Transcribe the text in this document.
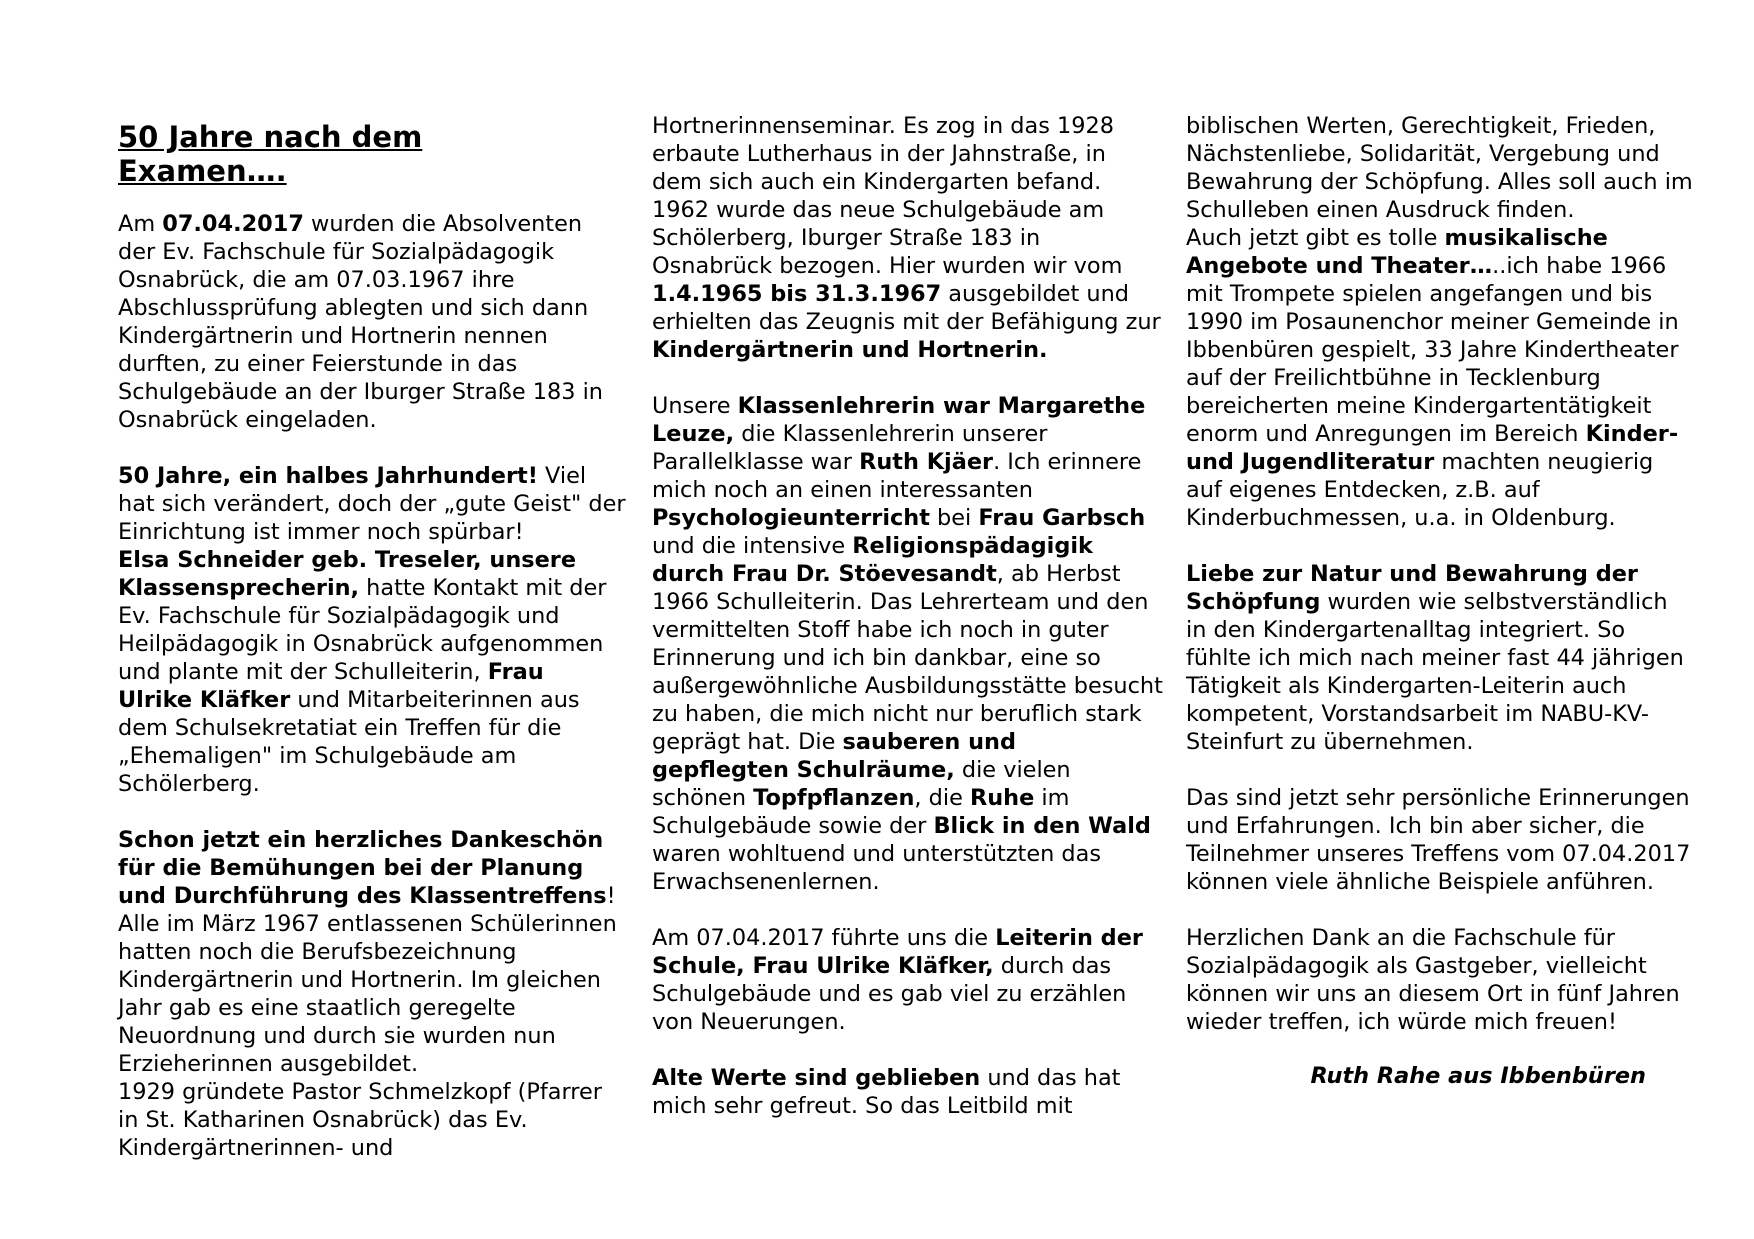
50 Jahre nach dem Examen….

Am 07.04.2017 wurden die Absolventen
der Ev. Fachschule für Sozialpädagogik
Osnabrück, die am 07.03.1967 ihre
Abschlussprüfung ablegten und sich dann
Kindergärtnerin und Hortnerin nennen
durften, zu einer Feierstunde in das
Schulgebäude an der Iburger Straße 183 in
Osnabrück eingeladen.

50 Jahre, ein halbes Jahrhundert! Viel
hat sich verändert, doch der „gute Geist" der
Einrichtung ist immer noch spürbar!
Elsa Schneider geb. Treseler, unsere
Klassensprecherin, hatte Kontakt mit der
Ev. Fachschule für Sozialpädagogik und
Heilpädagogik in Osnabrück aufgenommen
und plante mit der Schulleiterin, Frau
Ulrike Kläfker und Mitarbeiterinnen aus
dem Schulsekretatiat ein Treffen für die
„Ehemaligen" im Schulgebäude am
Schölerberg.

Schon jetzt ein herzliches Dankeschön
für die Bemühungen bei der Planung
und Durchführung des Klassentreffens!
Alle im März 1967 entlassenen Schülerinnen
hatten noch die Berufsbezeichnung
Kindergärtnerin und Hortnerin. Im gleichen
Jahr gab es eine staatlich geregelte
Neuordnung und durch sie wurden nun
Erzieherinnen ausgebildet.
1929 gründete Pastor Schmelzkopf (Pfarrer
in St. Katharinen Osnabrück) das Ev.
Kindergärtnerinnen- und

Hortnerinnenseminar. Es zog in das 1928
erbaute Lutherhaus in der Jahnstraße, in
dem sich auch ein Kindergarten befand.
1962 wurde das neue Schulgebäude am
Schölerberg, Iburger Straße 183 in
Osnabrück bezogen. Hier wurden wir vom
1.4.1965 bis 31.3.1967 ausgebildet und
erhielten das Zeugnis mit der Befähigung zur
Kindergärtnerin und Hortnerin.

Unsere Klassenlehrerin war Margarethe
Leuze, die Klassenlehrerin unserer
Parallelklasse war Ruth Kjäer. Ich erinnere
mich noch an einen interessanten
Psychologieunterricht bei Frau Garbsch
und die intensive Religionspädagigik
durch Frau Dr. Stöevesandt, ab Herbst
1966 Schulleiterin. Das Lehrerteam und den
vermittelten Stoff habe ich noch in guter
Erinnerung und ich bin dankbar, eine so
außergewöhnliche Ausbildungsstätte besucht
zu haben, die mich nicht nur beruflich stark
geprägt hat. Die sauberen und
gepflegten Schulräume, die vielen
schönen Topfpflanzen, die Ruhe im
Schulgebäude sowie der Blick in den Wald
waren wohltuend und unterstützten das
Erwachsenenlernen.

Am 07.04.2017 führte uns die Leiterin der
Schule, Frau Ulrike Kläfker, durch das
Schulgebäude und es gab viel zu erzählen
von Neuerungen.

Alte Werte sind geblieben und das hat
mich sehr gefreut. So das Leitbild mit

biblischen Werten, Gerechtigkeit, Frieden,
Nächstenliebe, Solidarität, Vergebung und
Bewahrung der Schöpfung. Alles soll auch im
Schulleben einen Ausdruck finden.
Auch jetzt gibt es tolle musikalische
Angebote und Theater…..ich habe 1966
mit Trompete spielen angefangen und bis
1990 im Posaunenchor meiner Gemeinde in
Ibbenbüren gespielt, 33 Jahre Kindertheater
auf der Freilichtbühne in Tecklenburg
bereicherten meine Kindergartentätigkeit
enorm und Anregungen im Bereich Kinder-
und Jugendliteratur machten neugierig
auf eigenes Entdecken, z.B. auf
Kinderbuchmessen, u.a. in Oldenburg.

Liebe zur Natur und Bewahrung der
Schöpfung wurden wie selbstverständlich
in den Kindergartenalltag integriert. So
fühlte ich mich nach meiner fast 44 jährigen
Tätigkeit als Kindergarten-Leiterin auch
kompetent, Vorstandsarbeit im NABU-KV-
Steinfurt zu übernehmen.

Das sind jetzt sehr persönliche Erinnerungen
und Erfahrungen. Ich bin aber sicher, die
Teilnehmer unseres Treffens vom 07.04.2017
können viele ähnliche Beispiele anführen.

Herzlichen Dank an die Fachschule für
Sozialpädagogik als Gastgeber, vielleicht
können wir uns an diesem Ort in fünf Jahren
wieder treffen, ich würde mich freuen!

Ruth Rahe aus Ibbenbüren
